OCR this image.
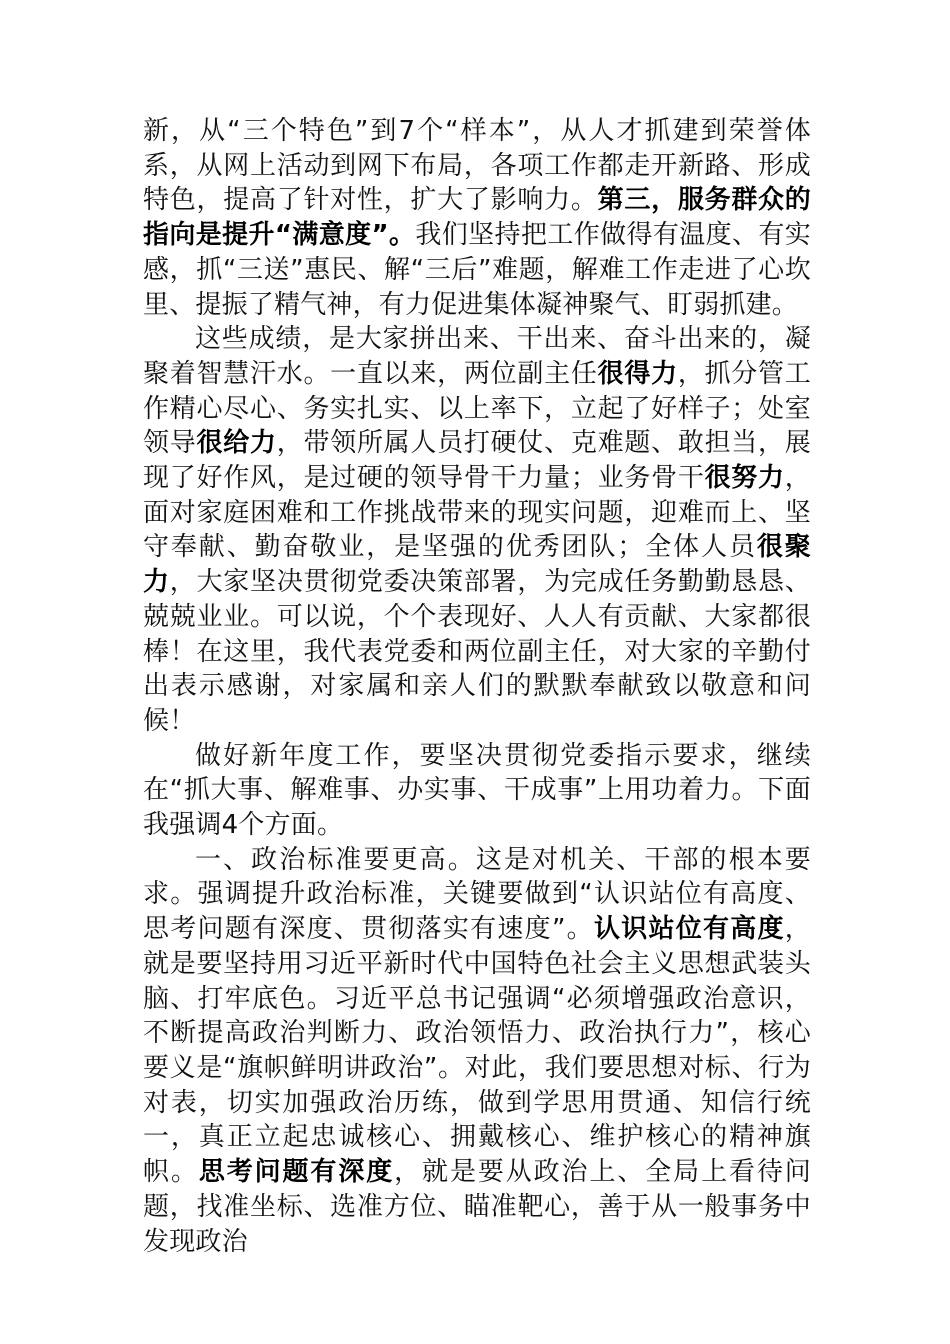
新，从“三个特色”到7个“样本”，从人才抓建到荣誉体系，从网上活动到网下布局，各项工作都走开新路、形成特色，提高了针对性，扩大了影响力。第三，服务群众的指向是提升“满意度”。我们坚持把工作做得有温度、有实感，抓“三送”惠民、解“三后”难题，解难工作走进了心坎里、提振了精气神，有力促进集体凝神聚气、盯弱抓建。

这些成绩，是大家拼出来、干出来、奋斗出来的，凝聚着智慧汗水。一直以来，两位副主任很得力，抓分管工作精心尽心、务实扎实、以上率下，立起了好样子；处室领导很给力，带领所属人员打硬仗、克难题、敢担当，展现了好作风，是过硬的领导骨干力量；业务骨干很努力，面对家庭困难和工作挑战带来的现实问题，迎难而上、坚守奉献、勤奋敬业，是坚强的优秀团队；全体人员很聚力，大家坚决贯彻党委决策部署，为完成任务勤勤恳恳、兢兢业业。可以说，个个表现好、人人有贡献、大家都很棒！在这里，我代表党委和两位副主任，对大家的辛勤付出表示感谢，对家属和亲人们的默默奉献致以敬意和问候！

做好新年度工作，要坚决贯彻党委指示要求，继续在“抓大事、解难事、办实事、干成事”上用功着力。下面我强调4个方面。

一、政治标准要更高。这是对机关、干部的根本要求。强调提升政治标准，关键要做到“认识站位有高度、思考问题有深度、贯彻落实有速度”。认识站位有高度，就是要坚持用习近平新时代中国特色社会主义思想武装头脑、打牢底色。习近平总书记强调“必须增强政治意识，不断提高政治判断力、政治领悟力、政治执行力”，核心要义是“旗帜鲜明讲政治”。对此，我们要思想对标、行为对表，切实加强政治历练，做到学思用贯通、知信行统一，真正立起忠诚核心、拥戴核心、维护核心的精神旗帜。思考问题有深度，就是要从政治上、全局上看待问题，找准坐标、选准方位、瞄准靶心，善于从一般事务中发现政治
